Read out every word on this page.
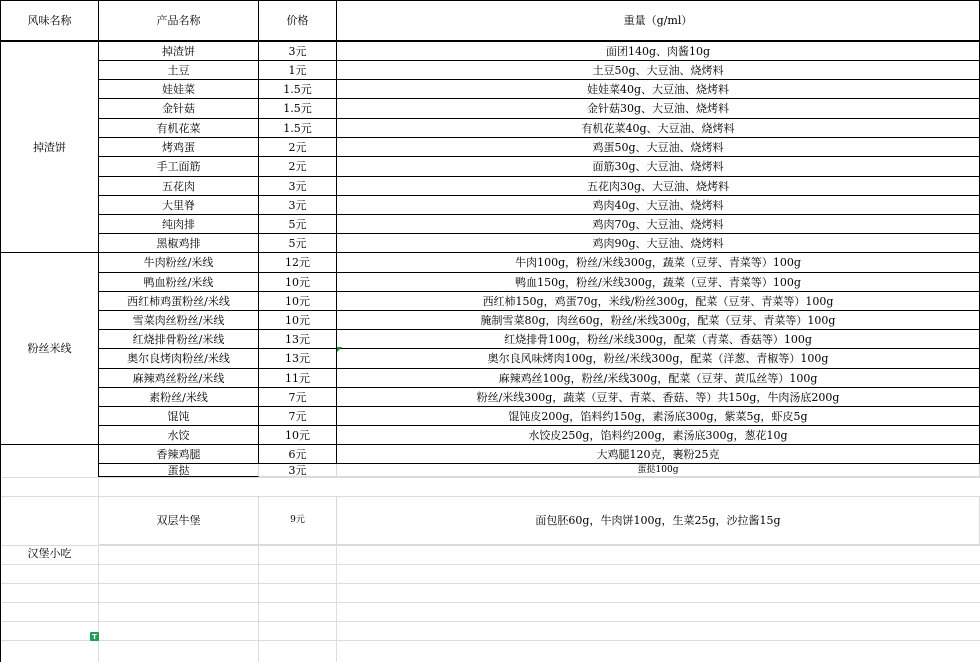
风味名称	产品名称	价格	重量（g/ml）
掉渣饼
掉渣饼	3元	面团140g、肉酱10g
土豆	1元	土豆50g、大豆油、烧烤料
娃娃菜	1.5元	娃娃菜40g、大豆油、烧烤料
金针菇	1.5元	金针菇30g、大豆油、烧烤料
有机花菜	1.5元	有机花菜40g、大豆油、烧烤料
烤鸡蛋	2元	鸡蛋50g、大豆油、烧烤料
手工面筋	2元	面筋30g、大豆油、烧烤料
五花肉	3元	五花肉30g、大豆油、烧烤料
大里脊	3元	鸡肉40g、大豆油、烧烤料
纯肉排	5元	鸡肉70g、大豆油、烧烤料
黑椒鸡排	5元	鸡肉90g、大豆油、烧烤料
粉丝米线
牛肉粉丝/米线	12元	牛肉100g，粉丝/米线300g，蔬菜（豆芽、青菜等）100g
鸭血粉丝/米线	10元	鸭血150g，粉丝/米线300g，蔬菜（豆芽、青菜等）100g
西红柿鸡蛋粉丝/米线	10元	西红柿150g，鸡蛋70g，米线/粉丝300g，配菜（豆芽、青菜等）100g
雪菜肉丝粉丝/米线	10元	腌制雪菜80g，肉丝60g，粉丝/米线300g，配菜（豆芽、青菜等）100g
红烧排骨粉丝/米线	13元	红烧排骨100g，粉丝/米线300g，配菜（青菜、香菇等）100g
奥尔良烤肉粉丝/米线	13元	奥尔良风味烤肉100g，粉丝/米线300g，配菜（洋葱、青椒等）100g
麻辣鸡丝粉丝/米线	11元	麻辣鸡丝100g，粉丝/米线300g，配菜（豆芽、黄瓜丝等）100g
素粉丝/米线	7元	粉丝/米线300g，蔬菜（豆芽、青菜、香菇、等）共150g，牛肉汤底200g
馄饨	7元	馄饨皮200g，馅料约150g，素汤底300g，紫菜5g，虾皮5g
水饺	10元	水饺皮250g，馅料约200g，素汤底300g，葱花10g
汉堡小吃
香辣鸡腿	6元	大鸡腿120克，裹粉25克
蛋挞	3元	蛋挞100g
双层牛堡	9元	面包胚60g，牛肉饼100g，生菜25g，沙拉酱15g
T
